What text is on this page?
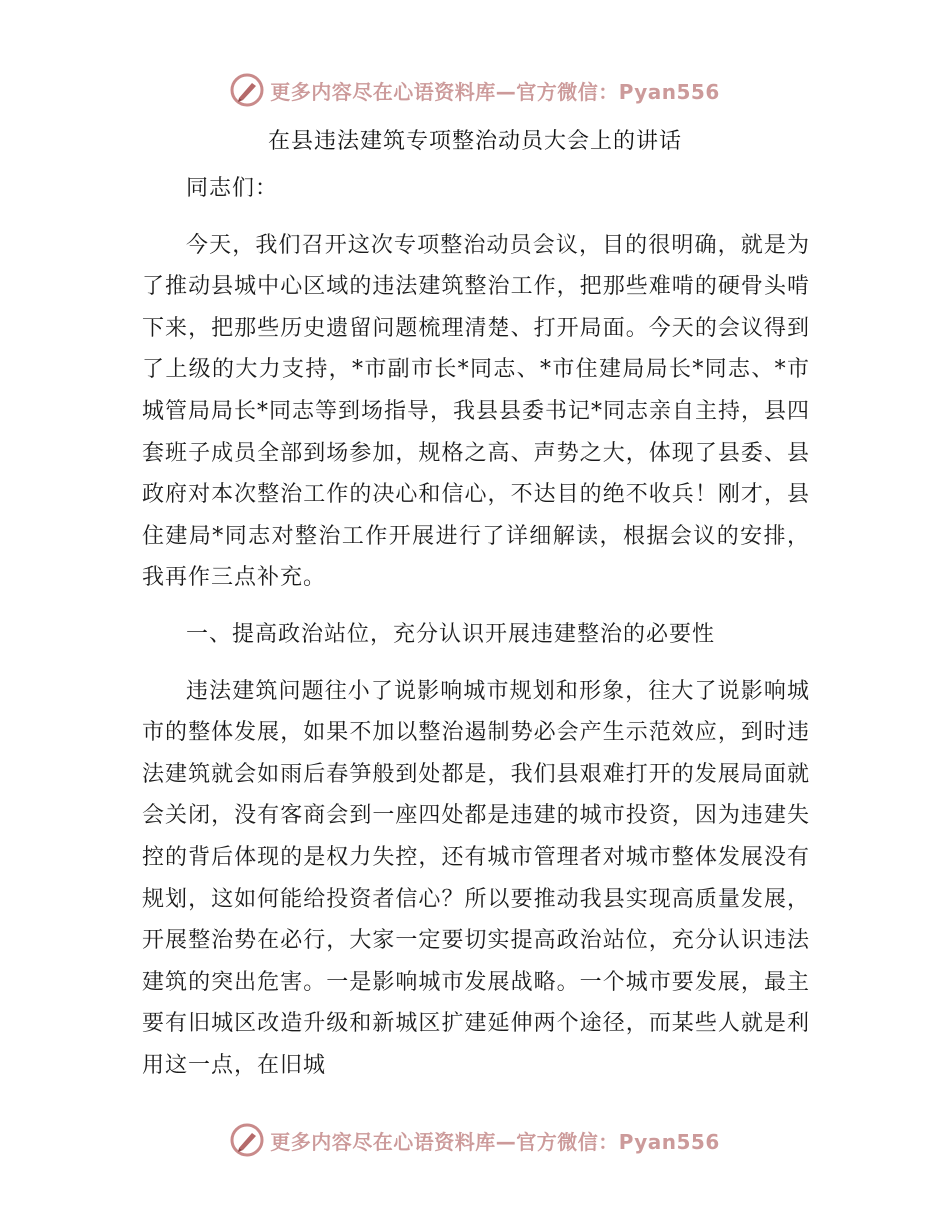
更多内容尽在心语资料库—官方微信：Pyan556
在县违法建筑专项整治动员大会上的讲话

同志们：

今天，我们召开这次专项整治动员会议，目的很明确，就是为了推动县城中心区域的违法建筑整治工作，把那些难啃的硬骨头啃下来，把那些历史遗留问题梳理清楚、打开局面。今天的会议得到了上级的大力支持，*市副市长*同志、*市住建局局长*同志、*市城管局局长*同志等到场指导，我县县委书记*同志亲自主持，县四套班子成员全部到场参加，规格之高、声势之大，体现了县委、县政府对本次整治工作的决心和信心，不达目的绝不收兵！刚才，县住建局*同志对整治工作开展进行了详细解读，根据会议的安排，我再作三点补充。

一、提高政治站位，充分认识开展违建整治的必要性

违法建筑问题往小了说影响城市规划和形象，往大了说影响城市的整体发展，如果不加以整治遏制势必会产生示范效应，到时违法建筑就会如雨后春笋般到处都是，我们县艰难打开的发展局面就会关闭，没有客商会到一座四处都是违建的城市投资，因为违建失控的背后体现的是权力失控，还有城市管理者对城市整体发展没有规划，这如何能给投资者信心？所以要推动我县实现高质量发展，开展整治势在必行，大家一定要切实提高政治站位，充分认识违法建筑的突出危害。一是影响城市发展战略。一个城市要发展，最主要有旧城区改造升级和新城区扩建延伸两个途径，而某些人就是利用这一点，在旧城

更多内容尽在心语资料库—官方微信：Pyan556
